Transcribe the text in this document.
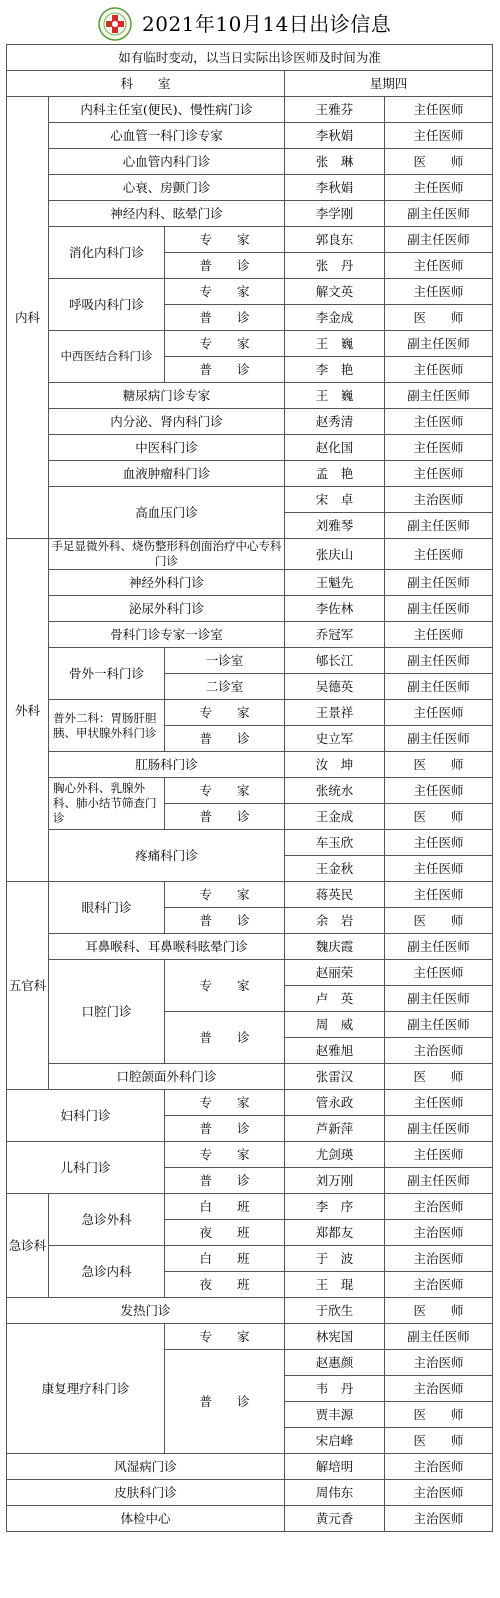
2021年10月14日出诊信息
如有临时变动，以当日实际出诊医师及时间为准				
科　　室			星期四	
内科	内科主任室(便民)、慢性病门诊		王雅芬	主任医师
	心血管一科门诊专家		李秋娟	主任医师
	心血管内科门诊		张　琳	医　　师
	心衰、房颤门诊		李秋娟	主任医师
	神经内科、眩晕门诊		李学刚	副主任医师
	消化内科门诊	专　　家	郭良东	副主任医师
		普　　诊	张　丹	主任医师
	呼吸内科门诊	专　　家	解文英	主任医师
		普　　诊	李金成	医　　师
	中西医结合科门诊	专　　家	王　巍	副主任医师
		普　　诊	李　艳	主任医师
	糖尿病门诊专家		王　巍	副主任医师
	内分泌、肾内科门诊		赵秀清	主任医师
	中医科门诊		赵化国	主任医师
	血液肿瘤科门诊		孟　艳	主任医师
	高血压门诊		宋　卓	主治医师
			刘雅琴	副主任医师
外科	手足显微外科、烧伤整形科创面治疗中心专科门诊		张庆山	主任医师
	神经外科门诊		王魁先	副主任医师
	泌尿外科门诊		李佐林	副主任医师
	骨科门诊专家一诊室		乔冠军	主任医师
	骨外一科门诊	一诊室	郇长江	副主任医师
		二诊室	吴德英	副主任医师
	普外二科：胃肠肝胆胰、甲状腺外科门诊	专　　家	王景祥	主任医师
		普　　诊	史立军	副主任医师
	肛肠科门诊		汝　坤	医　　师
	胸心外科、乳腺外科、肺小结节筛查门诊	专　　家	张统水	主任医师
		普　　诊	王金成	医　　师
	疼痛科门诊		车玉欣	主任医师
			王金秋	主任医师
五官科	眼科门诊	专　　家	蒋英民	主任医师
		普　　诊	余　岩	医　　师
	耳鼻喉科、耳鼻喉科眩晕门诊		魏庆霞	副主任医师
	口腔门诊	专　　家	赵丽荣	主任医师
			卢　英	副主任医师
		普　　诊	周　威	副主任医师
			赵雅旭	主治医师
	口腔颌面外科门诊		张雷汉	医　　师
妇科门诊		专　　家	管永政	主任医师
		普　　诊	芦新萍	副主任医师
儿科门诊		专　　家	尤剑瑛	主任医师
		普　　诊	刘万刚	副主任医师
急诊科	急诊外科	白　　班	李　序	主治医师
		夜　　班	郑都友	主治医师
	急诊内科	白　　班	于　波	主治医师
		夜　　班	王　琨	主治医师
发热门诊			于欣生	医　　师
康复理疗科门诊		专　　家	林宪国	副主任医师
		普　　诊	赵惠颜	主治医师
			韦　丹	主治医师
			贾丰源	医　　师
			宋启峰	医　　师
风湿病门诊			解培明	主治医师
皮肤科门诊			周伟东	主治医师
体检中心			黄元香	主治医师
